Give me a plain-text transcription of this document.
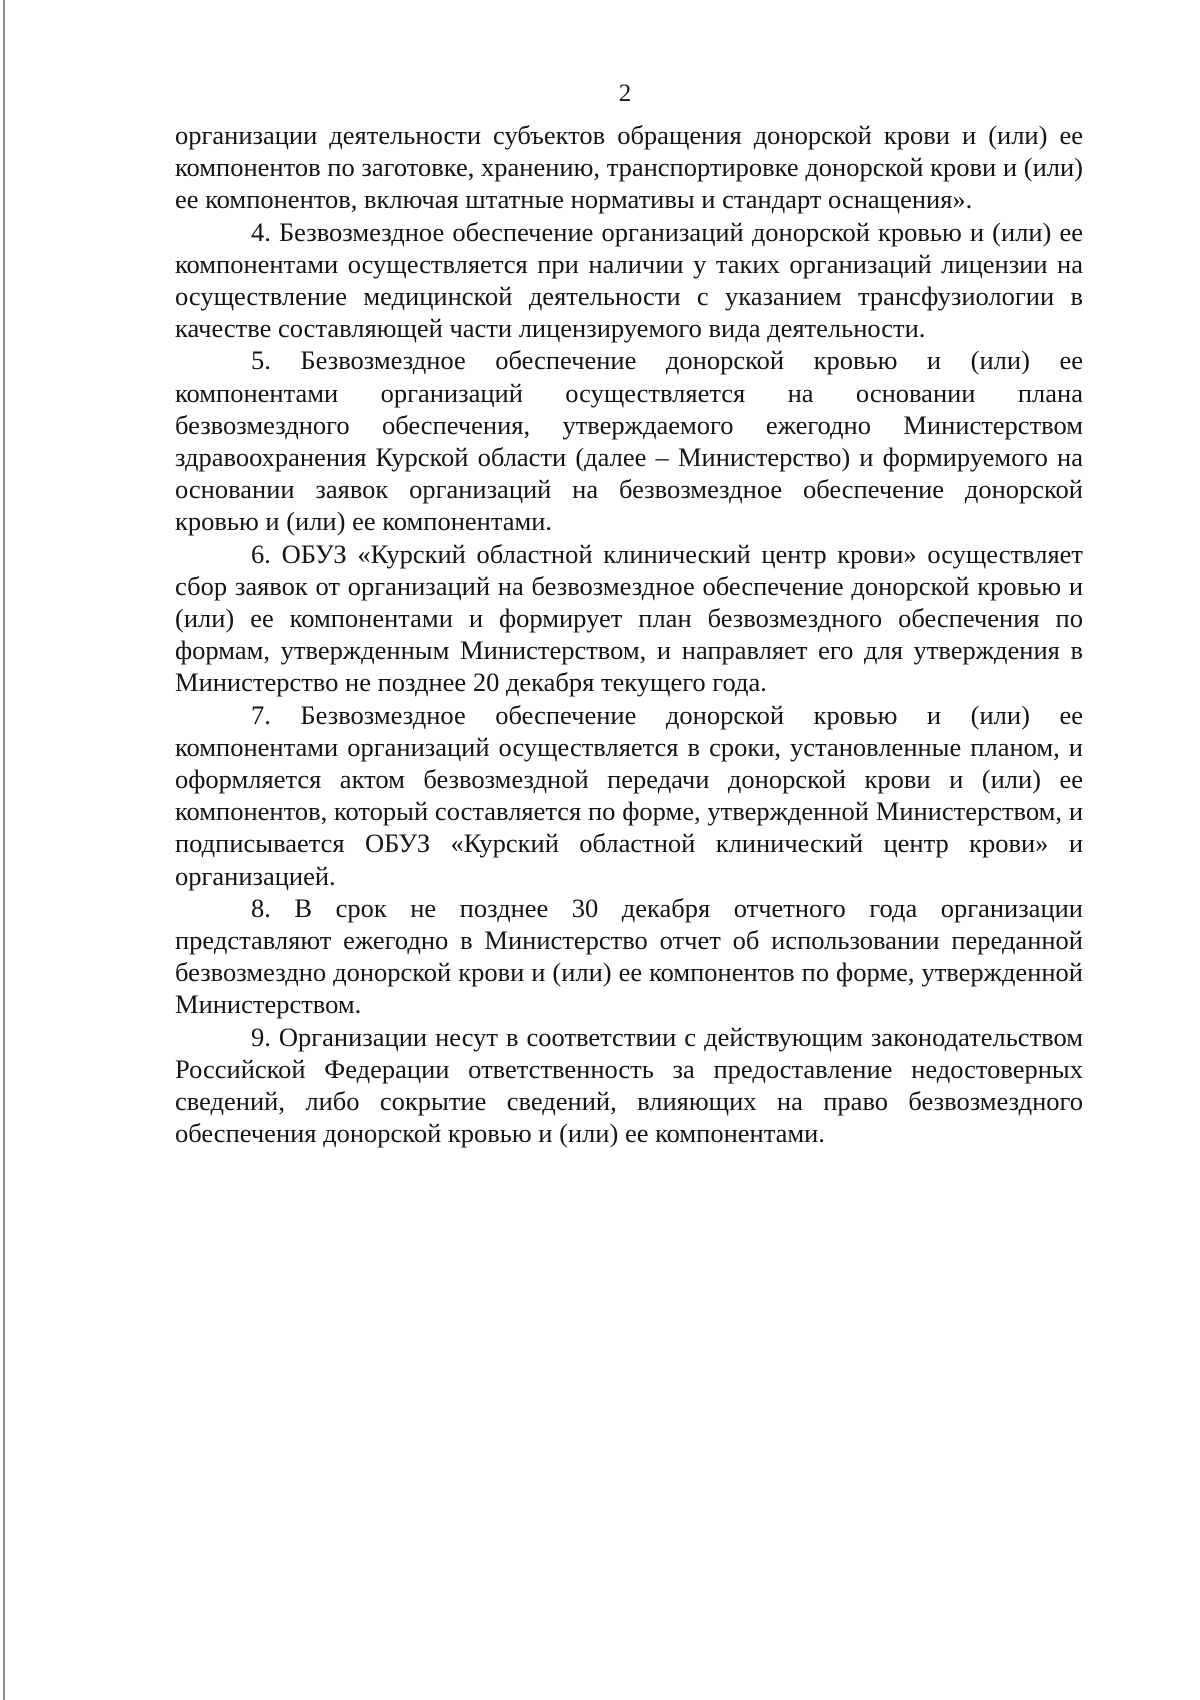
2

организации деятельности субъектов обращения донорской крови и (или) ее компонентов по заготовке, хранению, транспортировке донорской крови и (или) ее компонентов, включая штатные нормативы и стандарт оснащения».

4. Безвозмездное обеспечение организаций донорской кровью и (или) ее компонентами осуществляется при наличии у таких организаций лицензии на осуществление медицинской деятельности с указанием трансфузиологии в качестве составляющей части лицензируемого вида деятельности.

5. Безвозмездное обеспечение донорской кровью и (или) ее компонентами организаций осуществляется на основании плана безвозмездного обеспечения, утверждаемого ежегодно Министерством здравоохранения Курской области (далее – Министерство) и формируемого на основании заявок организаций на безвозмездное обеспечение донорской кровью и (или) ее компонентами.

6. ОБУЗ «Курский областной клинический центр крови» осуществляет сбор заявок от организаций на безвозмездное обеспечение донорской кровью и (или) ее компонентами и формирует план безвозмездного обеспечения по формам, утвержденным Министерством, и направляет его для утверждения в Министерство не позднее 20 декабря текущего года.

7. Безвозмездное обеспечение донорской кровью и (или) ее компонентами организаций осуществляется в сроки, установленные планом, и оформляется актом безвозмездной передачи донорской крови и (или) ее компонентов, который составляется по форме, утвержденной Министерством, и подписывается ОБУЗ «Курский областной клинический центр крови» и организацией.

8. В срок не позднее 30 декабря отчетного года организации представляют ежегодно в Министерство отчет об использовании переданной безвозмездно донорской крови и (или) ее компонентов по форме, утвержденной Министерством.

9. Организации несут в соответствии с действующим законодательством Российской Федерации ответственность за предоставление недостоверных сведений, либо сокрытие сведений, влияющих на право безвозмездного обеспечения донорской кровью и (или) ее компонентами.
